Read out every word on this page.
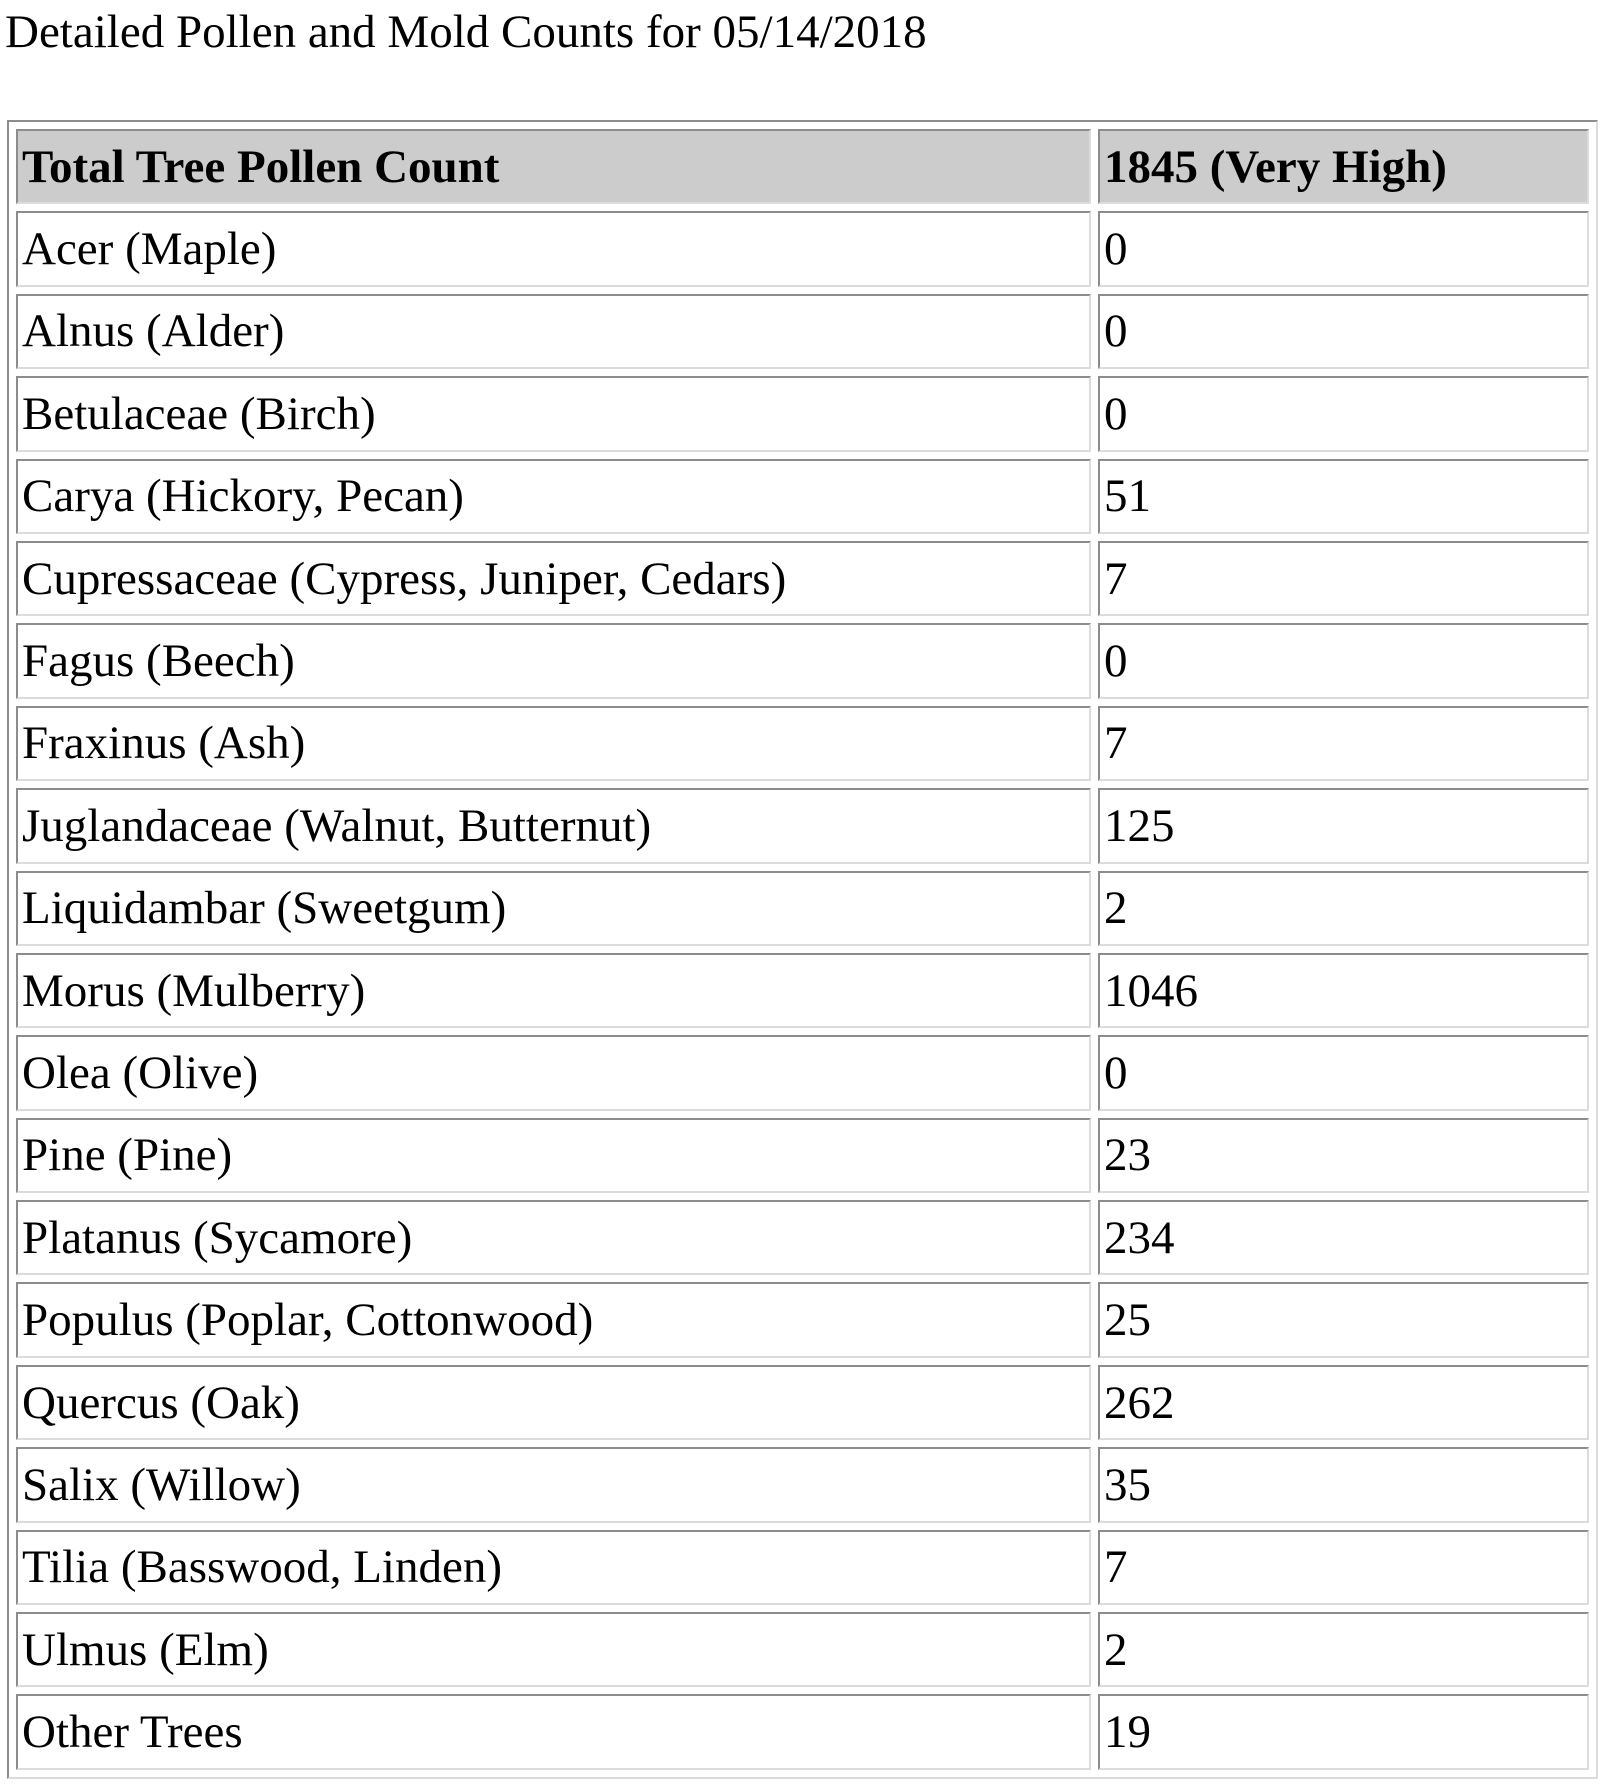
Detailed Pollen and Mold Counts for 05/14/2018
Total Tree Pollen Count	1845 (Very High)
Acer (Maple)	0
Alnus (Alder)	0
Betulaceae (Birch)	0
Carya (Hickory, Pecan)	51
Cupressaceae (Cypress, Juniper, Cedars)	7
Fagus (Beech)	0
Fraxinus (Ash)	7
Juglandaceae (Walnut, Butternut)	125
Liquidambar (Sweetgum)	2
Morus (Mulberry)	1046
Olea (Olive)	0
Pine (Pine)	23
Platanus (Sycamore)	234
Populus (Poplar, Cottonwood)	25
Quercus (Oak)	262
Salix (Willow)	35
Tilia (Basswood, Linden)	7
Ulmus (Elm)	2
Other Trees	19
